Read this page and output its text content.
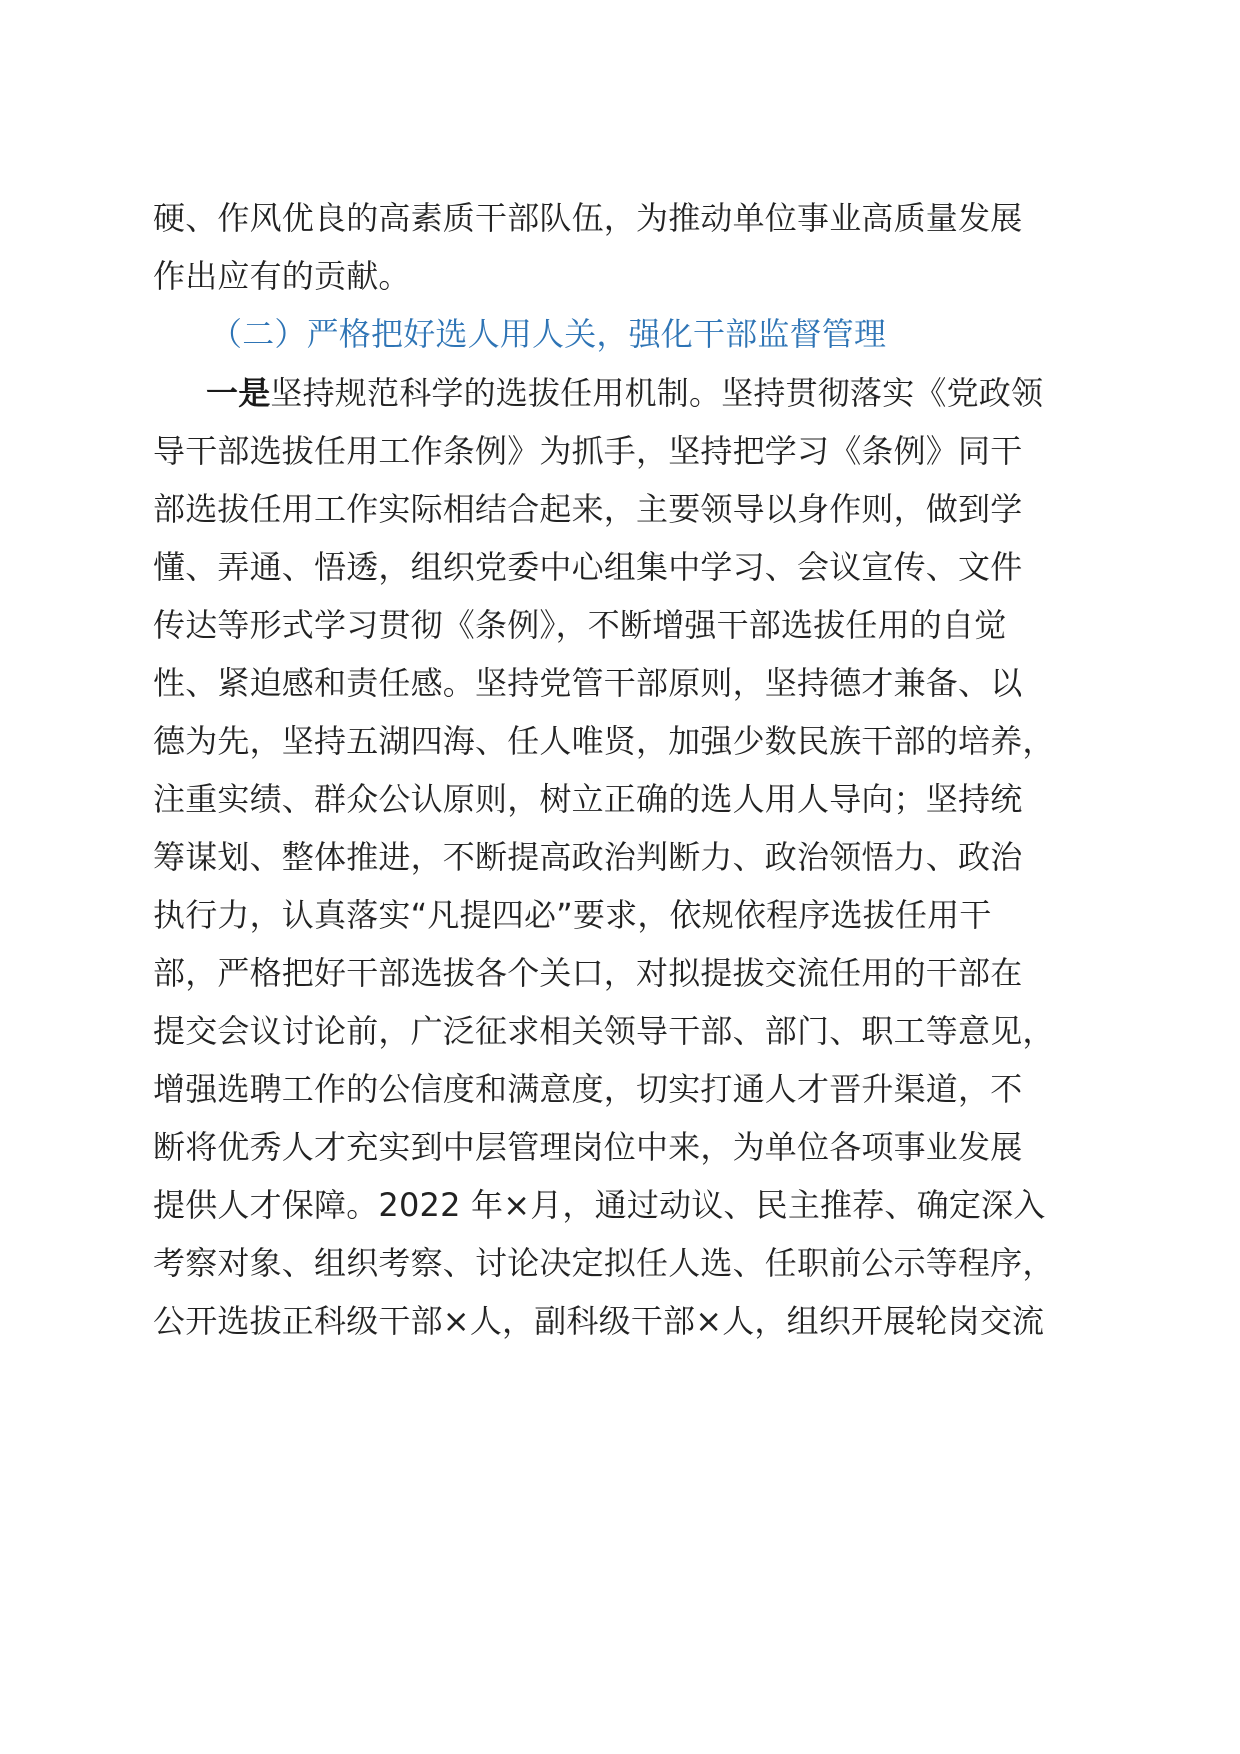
硬、作风优良的高素质干部队伍，为推动单位事业高质量发展
作出应有的贡献。
（二）严格把好选人用人关，强化干部监督管理
一是坚持规范科学的选拔任用机制。坚持贯彻落实《党政领
导干部选拔任用工作条例》为抓手，坚持把学习《条例》同干
部选拔任用工作实际相结合起来，主要领导以身作则，做到学
懂、弄通、悟透，组织党委中心组集中学习、会议宣传、文件
传达等形式学习贯彻《条例》，不断增强干部选拔任用的自觉
性、紧迫感和责任感。坚持党管干部原则，坚持德才兼备、以
德为先，坚持五湖四海、任人唯贤，加强少数民族干部的培养，
注重实绩、群众公认原则，树立正确的选人用人导向；坚持统
筹谋划、整体推进，不断提高政治判断力、政治领悟力、政治
执行力，认真落实“凡提四必”要求，依规依程序选拔任用干
部，严格把好干部选拔各个关口，对拟提拔交流任用的干部在
提交会议讨论前，广泛征求相关领导干部、部门、职工等意见，
增强选聘工作的公信度和满意度，切实打通人才晋升渠道，不
断将优秀人才充实到中层管理岗位中来，为单位各项事业发展
提供人才保障。2022 年×月，通过动议、民主推荐、确定深入
考察对象、组织考察、讨论决定拟任人选、任职前公示等程序，
公开选拔正科级干部×人，副科级干部×人，组织开展轮岗交流
